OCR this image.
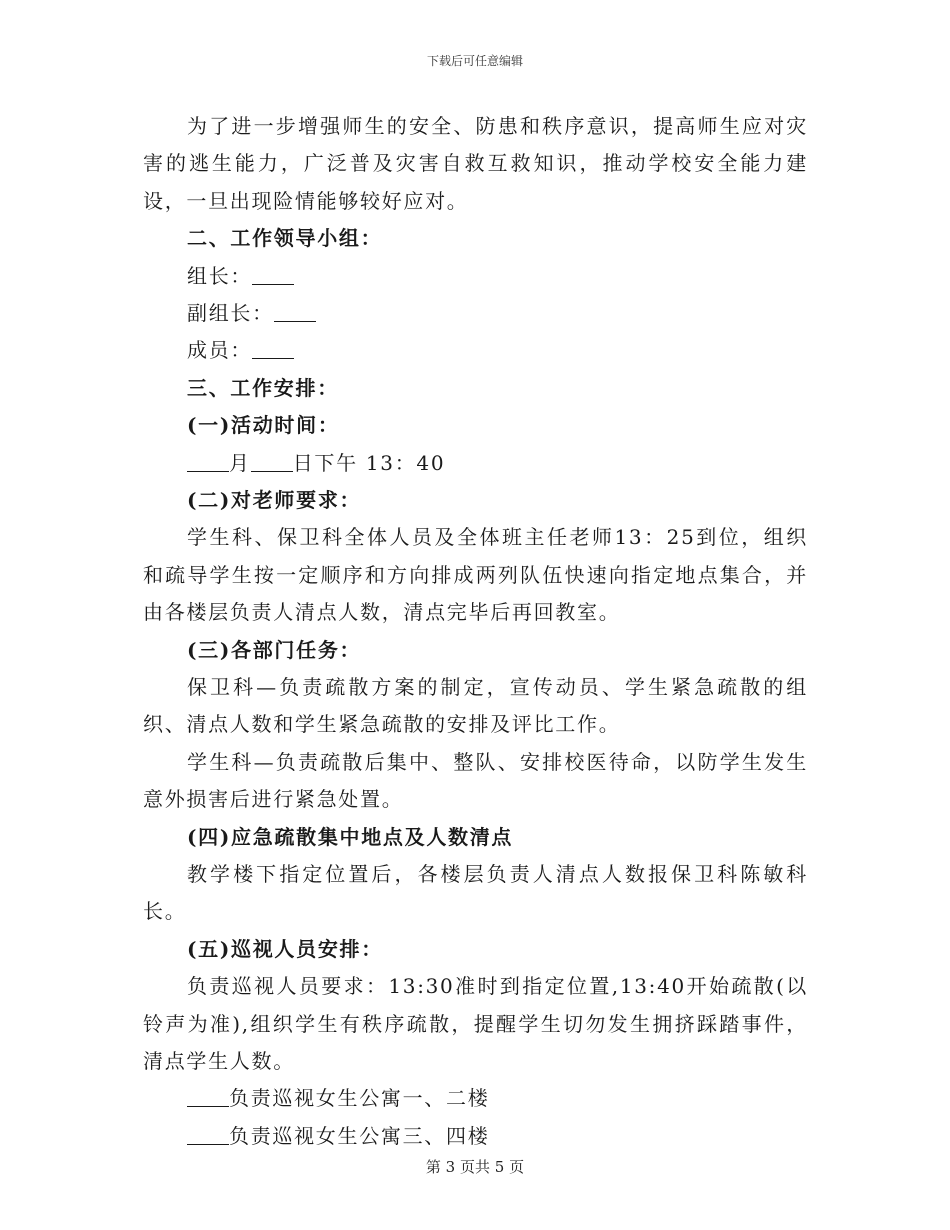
下载后可任意编辑
为了进一步增强师生的安全、防患和秩序意识，提高师生应对灾害的逃生能力，广泛普及灾害自救互救知识，推动学校安全能力建设，一旦出现险情能够较好应对。
二、工作领导小组：
组长：
副组长：
成员：
三、工作安排：
(一)活动时间：
月 日下午 13：40
(二)对老师要求：
学生科、保卫科全体人员及全体班主任老师13：25到位，组织和疏导学生按一定顺序和方向排成两列队伍快速向指定地点集合，并由各楼层负责人清点人数，清点完毕后再回教室。
(三)各部门任务：
保卫科—负责疏散方案的制定，宣传动员、学生紧急疏散的组织、清点人数和学生紧急疏散的安排及评比工作。
学生科—负责疏散后集中、整队、安排校医待命，以防学生发生意外损害后进行紧急处置。
(四)应急疏散集中地点及人数清点
教学楼下指定位置后，各楼层负责人清点人数报保卫科陈敏科长。
(五)巡视人员安排：
负责巡视人员要求：13:30准时到指定位置,13:40开始疏散(以铃声为准),组织学生有秩序疏散，提醒学生切勿发生拥挤踩踏事件，清点学生人数。
负责巡视女生公寓一、二楼
负责巡视女生公寓三、四楼
第 3 页共 5 页
